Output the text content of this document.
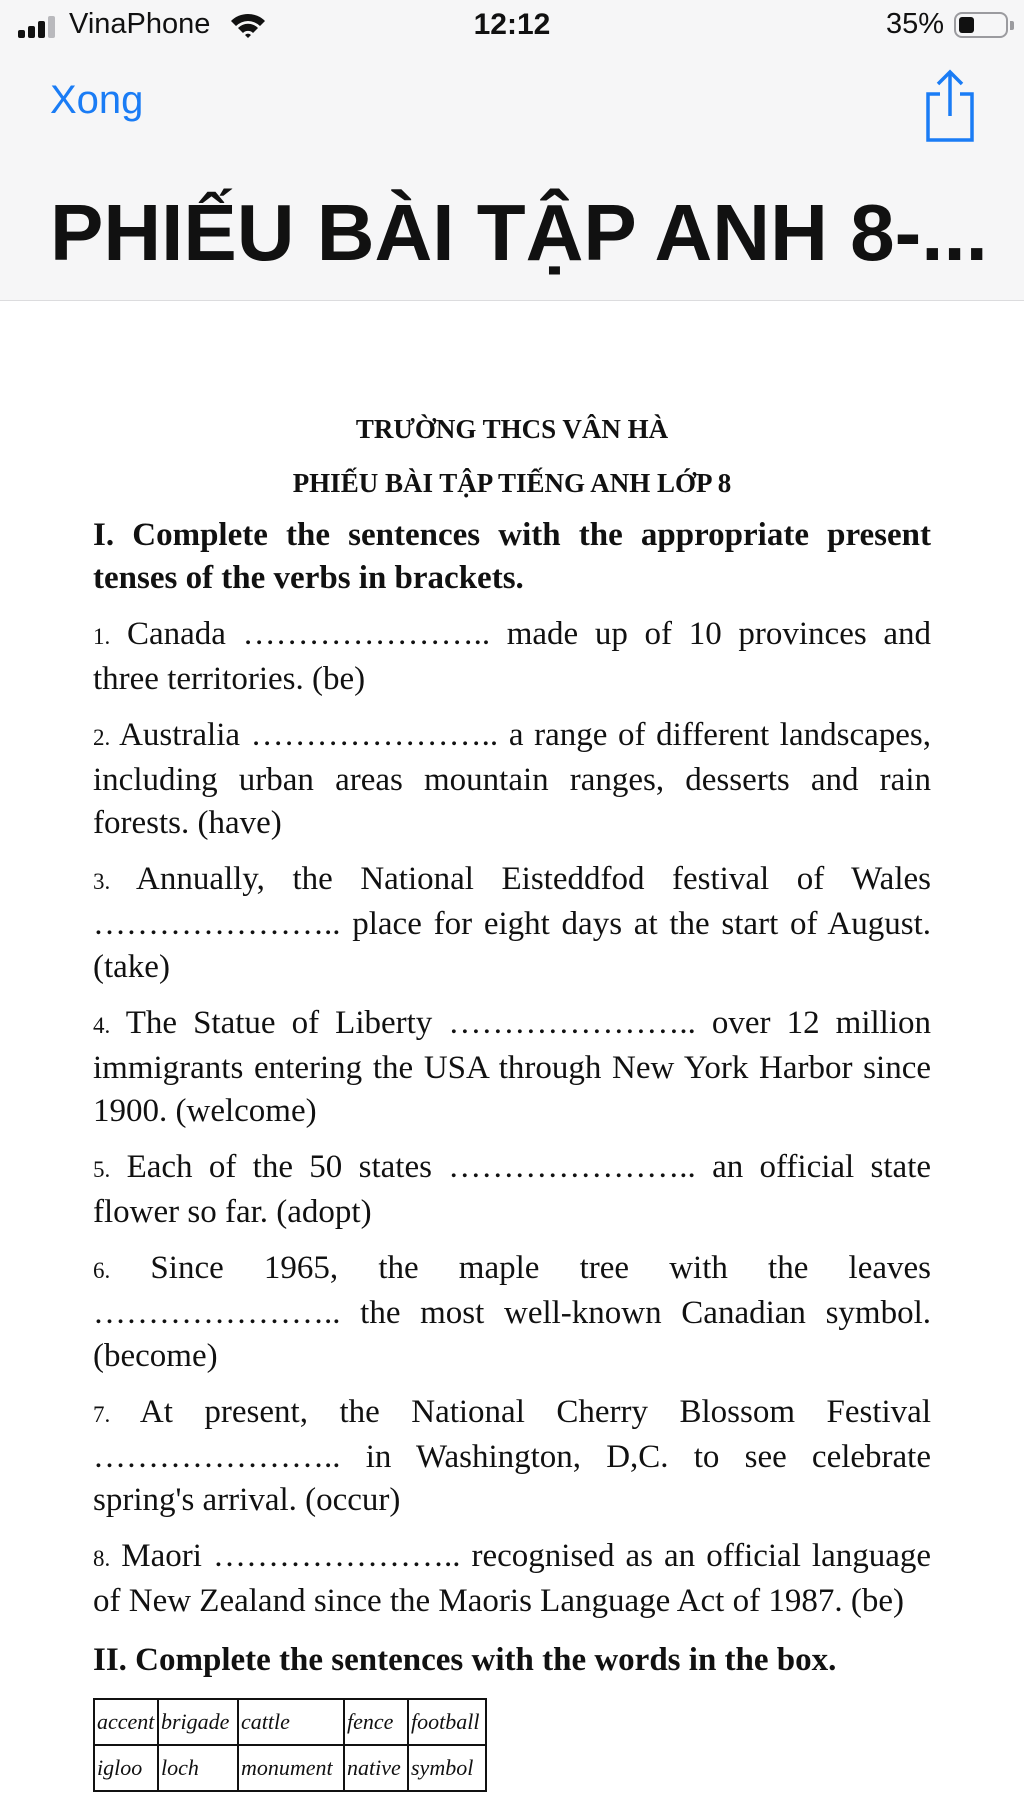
VinaPhone	12:12	35%
Xong
PHIẾU BÀI TẬP ANH 8-...

TRƯỜNG THCS VÂN HÀ

PHIẾU BÀI TẬP TIẾNG ANH LỚP 8

I. Complete the sentences with the appropriate present tenses of the verbs in brackets.

1. Canada ………………….. made up of 10 provinces and three territories. (be)

2. Australia ………………….. a range of different landscapes, including urban areas mountain ranges, desserts and rain forests. (have)

3. Annually, the National Eisteddfod festival of Wales ………………….. place for eight days at the start of August. (take)

4. The Statue of Liberty ………………….. over 12 million immigrants entering the USA through New York Harbor since 1900. (welcome)

5. Each of the 50 states ………………….. an official state flower so far. (adopt)

6. Since 1965, the maple tree with the leaves ………………….. the most well-known Canadian symbol. (become)

7. At present, the National Cherry Blossom Festival ………………….. in Washington, D,C. to see celebrate spring's arrival. (occur)

8. Maori ………………….. recognised as an official language of New Zealand since the Maoris Language Act of 1987. (be)

II. Complete the sentences with the words in the box.

accent	brigade	cattle	fence	football
igloo	loch	monument	native	symbol
